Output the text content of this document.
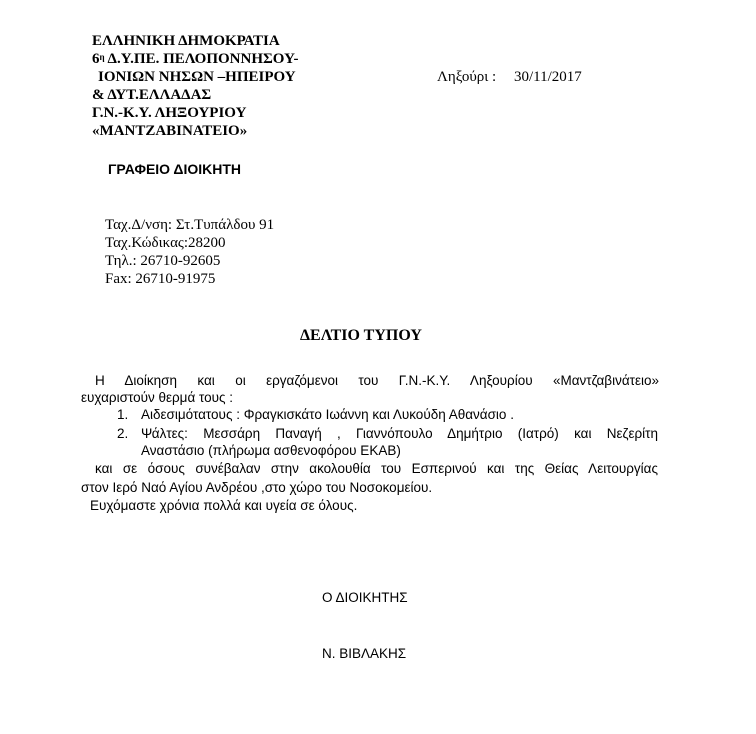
ΕΛΛΗΝΙΚΗ ΔΗΜΟΚΡΑΤΙΑ
$6^\eta$ Δ.Υ.ΠΕ. ΠΕΛΟΠΟΝΝΗΣΟΥ-
ΙΟΝΙΩΝ ΝΗΣΩΝ –ΗΠΕΙΡΟΥ
& ΔΥΤ.ΕΛΛΑΔΑΣ
Γ.Ν.-Κ.Υ. ΛΗΞΟΥΡΙΟΥ
«ΜΑΝΤΖΑΒΙΝΑΤΕΙΟ»
Ληξούρι : 30/11/2017
ΓΡΑΦΕΙΟ ΔΙΟΙΚΗΤΗ
Ταχ.Δ/νση: Στ.Τυπάλδου 91
Ταχ.Κώδικας:28200
Τηλ.: 26710-92605
Fax: 26710-91975
ΔΕΛΤΙΟ ΤΥΠΟΥ
Η Διοίκηση και οι εργαζόμενοι του Γ.Ν.-Κ.Υ. Ληξουρίου «Μαντζαβινάτειο»
ευχαριστούν θερμά τους :
1. Αιδεσιμότατους : Φραγκισκάτο Ιωάννη και Λυκούδη Αθανάσιο .
2. Ψάλτες: Μεσσάρη Παναγή , Γιαννόπουλο Δημήτριο (Ιατρό) και Νεζερίτη
Αναστάσιο (πλήρωμα ασθενοφόρου ΕΚΑΒ)
και σε όσους συνέβαλαν στην ακολουθία του Εσπερινού και της Θείας Λειτουργίας
στον Ιερό Ναό Αγίου Ανδρέου ,στο χώρο του Νοσοκομείου.
Ευχόμαστε χρόνια πολλά και υγεία σε όλους.
Ο ΔΙΟΙΚΗΤΗΣ
Ν. ΒΙΒΛΑΚΗΣ
